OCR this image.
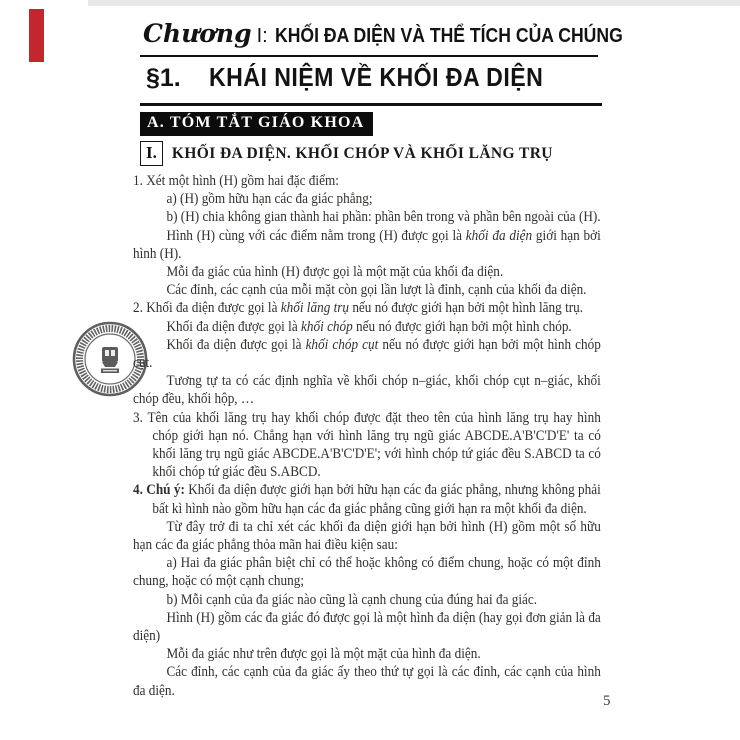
Chương I: KHỐI ĐA DIỆN VÀ THỂ TÍCH CỦA CHÚNG
§1. KHÁI NIỆM VỀ KHỐI ĐA DIỆN
A. TÓM TẮT GIÁO KHOA
I. KHỐI ĐA DIỆN. KHỐI CHÓP VÀ KHỐI LĂNG TRỤ

1. Xét một hình (H) gồm hai đặc điểm:

a) (H) gồm hữu hạn các đa giác phẳng;

b) (H) chia không gian thành hai phần: phần bên trong và phần bên ngoài của (H).

Hình (H) cùng với các điểm nằm trong (H) được gọi là khối đa diện giới hạn bởi hình (H).

Mỗi đa giác của hình (H) được gọi là một mặt của khối đa diện.

Các đỉnh, các cạnh của mỗi mặt còn gọi lần lượt là đỉnh, cạnh của khối đa diện.

2. Khối đa diện được gọi là khối lăng trụ nếu nó được giới hạn bởi một hình lăng trụ.

Khối đa diện được gọi là khối chóp nếu nó được giới hạn bởi một hình chóp.

Khối đa diện được gọi là khối chóp cụt nếu nó được giới hạn bởi một hình chóp cụt.

Tương tự ta có các định nghĩa về khối chóp n–giác, khối chóp cụt n–giác, khối chóp đều, khối hộp, …

3. Tên của khối lăng trụ hay khối chóp được đặt theo tên của hình lăng trụ hay hình chóp giới hạn nó. Chẳng hạn với hình lăng trụ ngũ giác ABCDE.A'B'C'D'E' ta có khối lăng trụ ngũ giác ABCDE.A'B'C'D'E'; với hình chóp tứ giác đều S.ABCD ta có khối chóp tứ giác đều S.ABCD.

4. Chú ý: Khối đa diện được giới hạn bởi hữu hạn các đa giác phẳng, nhưng không phải bất kì hình nào gồm hữu hạn các đa giác phẳng cũng giới hạn ra một khối đa diện.

Từ đây trở đi ta chỉ xét các khối đa diện giới hạn bởi hình (H) gồm một số hữu hạn các đa giác phẳng thỏa mãn hai điều kiện sau:

a) Hai đa giác phân biệt chỉ có thể hoặc không có điểm chung, hoặc có một đỉnh chung, hoặc có một cạnh chung;

b) Mỗi cạnh của đa giác nào cũng là cạnh chung của đúng hai đa giác.

Hình (H) gồm các đa giác đó được gọi là một hình đa diện (hay gọi đơn giản là đa diện)

Mỗi đa giác như trên được gọi là một mặt của hình đa diện.

Các đỉnh, các cạnh của đa giác ấy theo thứ tự gọi là các đỉnh, các cạnh của hình đa diện.

5
